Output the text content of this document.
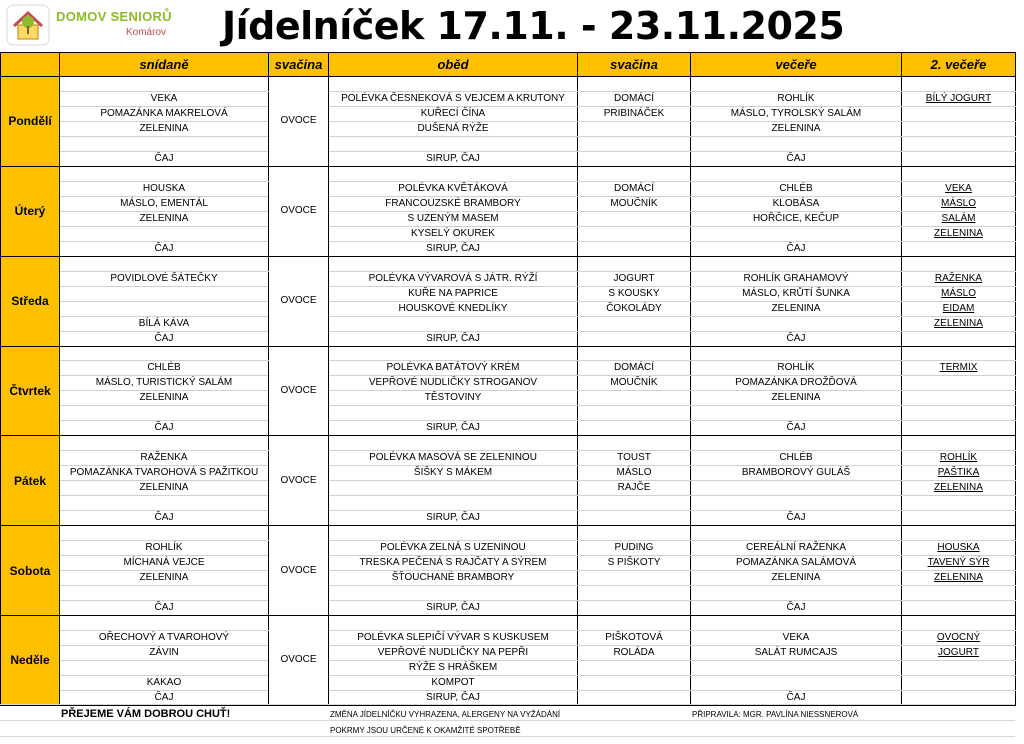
DOMOV SENIORŮ
Komárov Jídelníček 17.11. - 23.11.2025
	snídaně	svačina	oběd	svačina	večeře	2. večeře
Pondělí		OVOCE				
	VEKA		POLÉVKA ČESNEKOVÁ S VEJCEM A KRUTONY	DOMÁCÍ	ROHLÍK	BÍLÝ JOGURT
	POMAZÁNKA MAKRELOVÁ		KUŘECÍ ČÍNA	PRIBINÁČEK	MÁSLO, TYROLSKÝ SALÁM	
	ZELENINA		DUŠENÁ RÝŽE		ZELENINA	

	ČAJ		SIRUP, ČAJ		ČAJ	
Úterý		OVOCE				
	HOUSKA		POLÉVKA KVĚTÁKOVÁ	DOMÁCÍ	CHLÉB	VEKA
	MÁSLO, EMENTÁL		FRANCOUZSKÉ BRAMBORY	MOUČNÍK	KLOBÁSA	MÁSLO
	ZELENINA		S UZENÝM MASEM		HOŘČICE, KEČUP	SALÁM
			KYSELÝ OKUREK			ZELENINA
	ČAJ		SIRUP, ČAJ		ČAJ	
Středa		OVOCE				
	POVIDLOVÉ ŠÁTEČKY		POLÉVKA VÝVAROVÁ S JÁTR. RÝŽÍ	JOGURT	ROHLÍK GRAHAMOVÝ	RAŽENKA
			KUŘE NA PAPRICE	S KOUSKY	MÁSLO, KRŮTÍ ŠUNKA	MÁSLO
			HOUSKOVÉ KNEDLÍKY	ČOKOLÁDY	ZELENINA	EIDAM
	BÍLÁ KÁVA					ZELENINA
	ČAJ		SIRUP, ČAJ		ČAJ	
Čtvrtek		OVOCE				
	CHLÉB		POLÉVKA BATÁTOVÝ KRÉM	DOMÁCÍ	ROHLÍK	TERMIX
	MÁSLO, TURISTICKÝ SALÁM		VEPŘOVÉ NUDLIČKY STROGANOV	MOUČNÍK	POMAZÁNKA DROŽĎOVÁ	
	ZELENINA		TĚSTOVINY		ZELENINA	

	ČAJ		SIRUP, ČAJ		ČAJ	
Pátek		OVOCE				
	RAŽENKA		POLÉVKA MASOVÁ SE ZELENINOU	TOUST	CHLÉB	ROHLÍK
	POMAZÁNKA TVAROHOVÁ S PAŽITKOU		ŠIŠKY S MÁKEM	MÁSLO	BRAMBOROVÝ GULÁŠ	PAŠTIKA
	ZELENINA			RAJČE		ZELENINA

	ČAJ		SIRUP, ČAJ		ČAJ	
Sobota		OVOCE				
	ROHLÍK		POLÉVKA ZELNÁ S UZENINOU	PUDING	CEREÁLNÍ RAŽENKA	HOUSKA
	MÍCHANÁ VEJCE		TRESKA PEČENÁ S RAJČATY A SÝREM	S PIŠKOTY	POMAZÁNKA SALÁMOVÁ	TAVENÝ SÝR
	ZELENINA		ŠŤOUCHANÉ BRAMBORY		ZELENINA	ZELENINA

	ČAJ		SIRUP, ČAJ		ČAJ	
Neděle		OVOCE				
	OŘECHOVÝ A TVAROHOVÝ		POLÉVKA SLEPIČÍ VÝVAR S KUSKUSEM	PIŠKOTOVÁ	VEKA	OVOCNÝ
	ZÁVIN		VEPŘOVÉ NUDLIČKY NA PEPŘI	ROLÁDA	SALÁT RUMCAJS	JOGURT
			RÝŽE S HRÁŠKEM			
	KAKAO		KOMPOT			
	ČAJ		SIRUP, ČAJ		ČAJ	
PŘEJEME VÁM DOBROU CHUŤ!	ZMĚNA JÍDELNÍČKU VYHRAZENA, ALERGENY NA VYŽÁDÁNÍ
POKRMY JSOU URČENÉ K OKAMŽITÉ SPOTŘEBĚ
PŘIPRAVILA: MGR. PAVLÍNA NIESSNEROVÁ
